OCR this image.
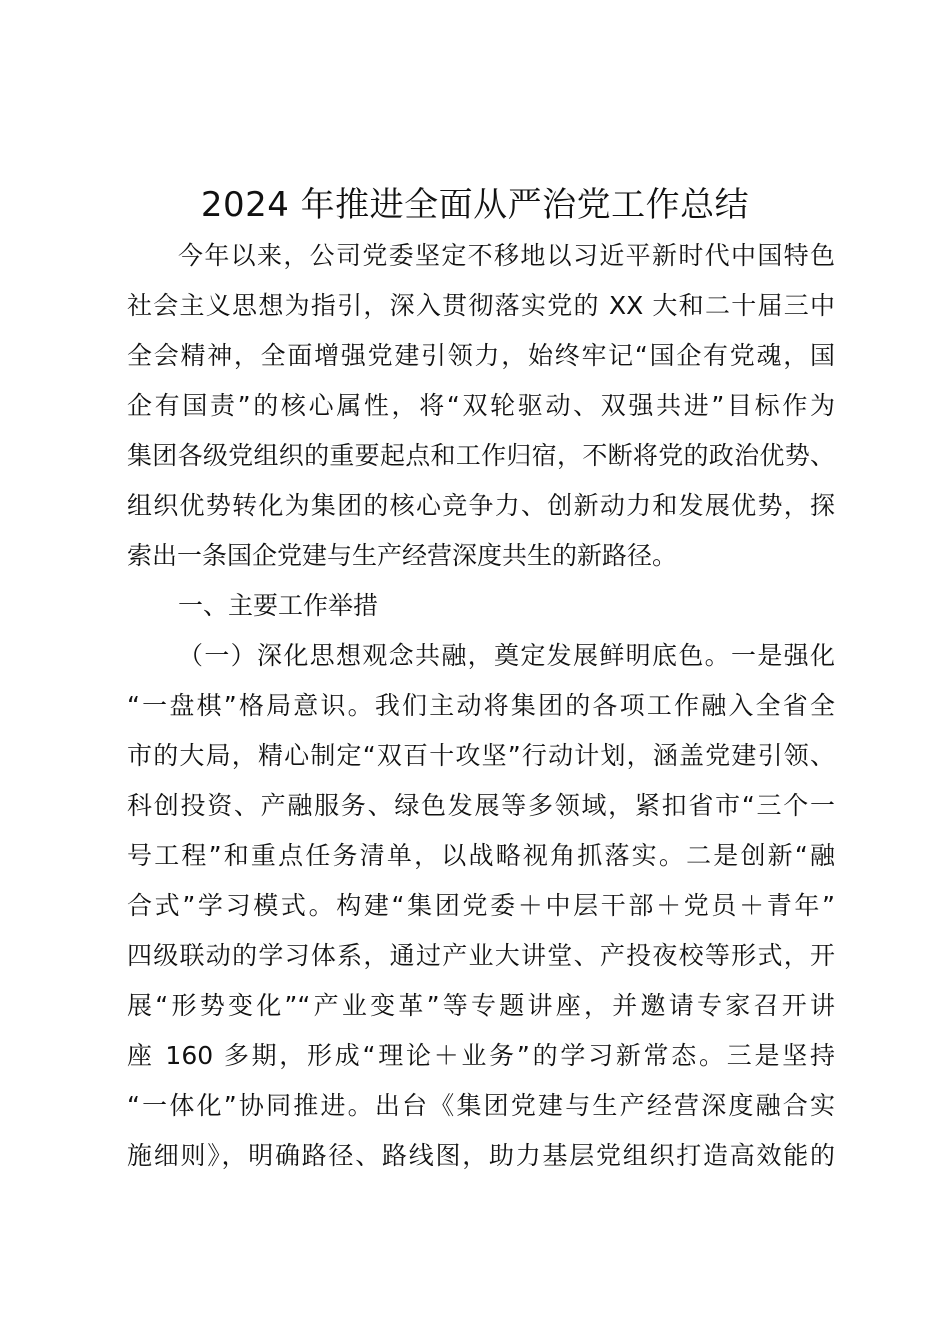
2024 年推进全面从严治党工作总结
今年以来，公司党委坚定不移地以习近平新时代中国特色
社会主义思想为指引，深入贯彻落实党的 XX 大和二十届三中
全会精神，全面增强党建引领力，始终牢记“国企有党魂，国
企有国责”的核心属性，将“双轮驱动、双强共进”目标作为
集团各级党组织的重要起点和工作归宿，不断将党的政治优势、
组织优势转化为集团的核心竞争力、创新动力和发展优势，探
索出一条国企党建与生产经营深度共生的新路径。
一、主要工作举措
（一）深化思想观念共融，奠定发展鲜明底色。一是强化
“一盘棋”格局意识。我们主动将集团的各项工作融入全省全
市的大局，精心制定“双百十攻坚”行动计划，涵盖党建引领、
科创投资、产融服务、绿色发展等多领域，紧扣省市“三个一
号工程”和重点任务清单，以战略视角抓落实。二是创新“融
合式”学习模式。构建“集团党委＋中层干部＋党员＋青年”
四级联动的学习体系，通过产业大讲堂、产投夜校等形式，开
展“形势变化”“产业变革”等专题讲座，并邀请专家召开讲
座 160 多期，形成“理论＋业务”的学习新常态。三是坚持
“一体化”协同推进。出台《集团党建与生产经营深度融合实
施细则》，明确路径、路线图，助力基层党组织打造高效能的
